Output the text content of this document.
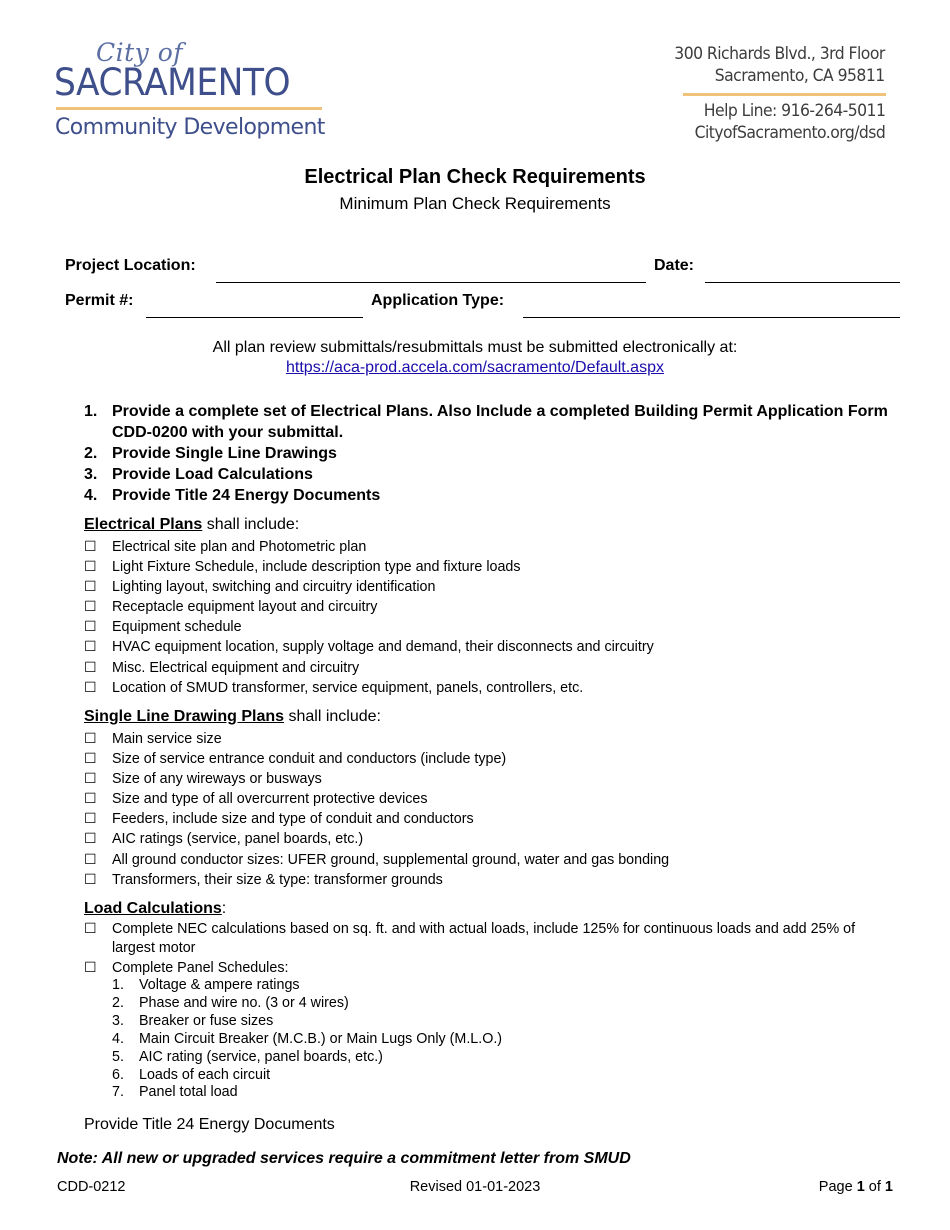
City of
SACRAMENTO
Community Development
300 Richards Blvd., 3rd Floor
Sacramento, CA 95811
Help Line: 916-264-5011
CityofSacramento.org/dsd
Electrical Plan Check Requirements
Minimum Plan Check Requirements
Project Location:	Date:
Permit #:	Application Type:
All plan review submittals/resubmittals must be submitted electronically at:
https://aca-prod.accela.com/sacramento/Default.aspx
1. Provide a complete set of Electrical Plans. Also Include a completed Building Permit Application Form CDD-0200 with your submittal.
2. Provide Single Line Drawings
3. Provide Load Calculations
4. Provide Title 24 Energy Documents
Electrical Plans shall include:
☐ Electrical site plan and Photometric plan
☐ Light Fixture Schedule, include description type and fixture loads
☐ Lighting layout, switching and circuitry identification
☐ Receptacle equipment layout and circuitry
☐ Equipment schedule
☐ HVAC equipment location, supply voltage and demand, their disconnects and circuitry
☐ Misc. Electrical equipment and circuitry
☐ Location of SMUD transformer, service equipment, panels, controllers, etc.
Single Line Drawing Plans shall include:
☐ Main service size
☐ Size of service entrance conduit and conductors (include type)
☐ Size of any wireways or busways
☐ Size and type of all overcurrent protective devices
☐ Feeders, include size and type of conduit and conductors
☐ AIC ratings (service, panel boards, etc.)
☐ All ground conductor sizes: UFER ground, supplemental ground, water and gas bonding
☐ Transformers, their size & type: transformer grounds
Load Calculations:
☐ Complete NEC calculations based on sq. ft. and with actual loads, include 125% for continuous loads and add 25% of largest motor
☐ Complete Panel Schedules:
1. Voltage & ampere ratings
2. Phase and wire no. (3 or 4 wires)
3. Breaker or fuse sizes
4. Main Circuit Breaker (M.C.B.) or Main Lugs Only (M.L.O.)
5. AIC rating (service, panel boards, etc.)
6. Loads of each circuit
7. Panel total load
Provide Title 24 Energy Documents
Note: All new or upgraded services require a commitment letter from SMUD
CDD-0212	Revised 01-01-2023	Page 1 of 1
